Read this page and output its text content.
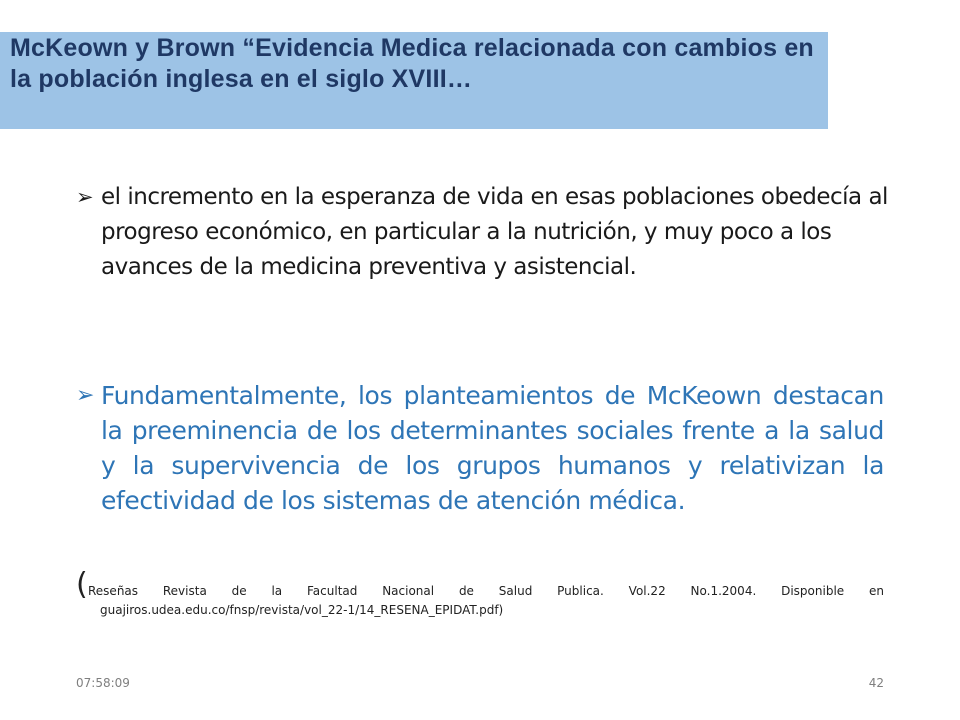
McKeown y Brown “Evidencia Medica relacionada con cambios en la población inglesa en el siglo XVIII…
➢ el incremento en la esperanza de vida en esas poblaciones obedecía al progreso económico, en particular a la nutrición, y muy poco a los avances de la medicina preventiva y asistencial.
➢ Fundamentalmente, los planteamientos de McKeown destacan la preeminencia de los determinantes sociales frente a la salud y la supervivencia de los grupos humanos y relativizan la efectividad de los sistemas de atención médica.
( Reseñas Revista de la Facultad Nacional de Salud Publica. Vol.22 No.1.2004. Disponible en
guajiros.udea.edu.co/fnsp/revista/vol_22-1/14_RESENA_EPIDAT.pdf)
07:58:09	42
